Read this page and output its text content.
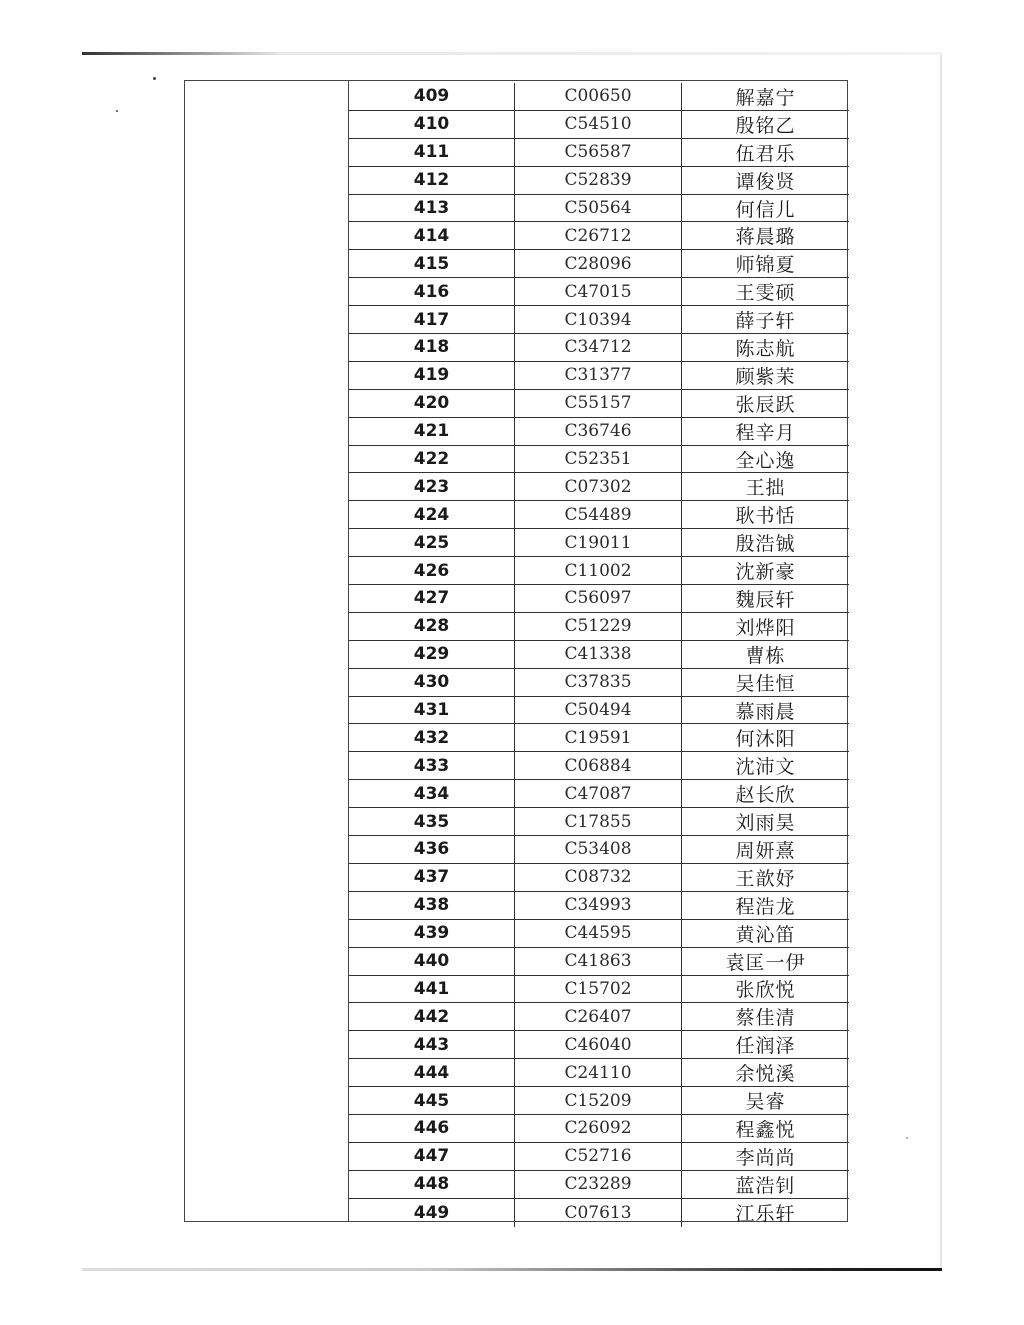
409	C00650	解嘉宁
410	C54510	殷铭乙
411	C56587	伍君乐
412	C52839	谭俊贤
413	C50564	何信儿
414	C26712	蒋晨璐
415	C28096	师锦夏
416	C47015	王雯硕
417	C10394	薛子轩
418	C34712	陈志航
419	C31377	顾紫茉
420	C55157	张辰跃
421	C36746	程辛月
422	C52351	全心逸
423	C07302	王拙
424	C54489	耿书恬
425	C19011	殷浩铖
426	C11002	沈新豪
427	C56097	魏辰轩
428	C51229	刘烨阳
429	C41338	曹栋
430	C37835	吴佳恒
431	C50494	慕雨晨
432	C19591	何沐阳
433	C06884	沈沛文
434	C47087	赵长欣
435	C17855	刘雨昊
436	C53408	周妍熹
437	C08732	王歆妤
438	C34993	程浩龙
439	C44595	黄沁笛
440	C41863	袁匡一伊
441	C15702	张欣悦
442	C26407	蔡佳清
443	C46040	任润泽
444	C24110	余悦溪
445	C15209	吴睿
446	C26092	程鑫悦
447	C52716	李尚尚
448	C23289	蓝浩钊
449	C07613	江乐轩
